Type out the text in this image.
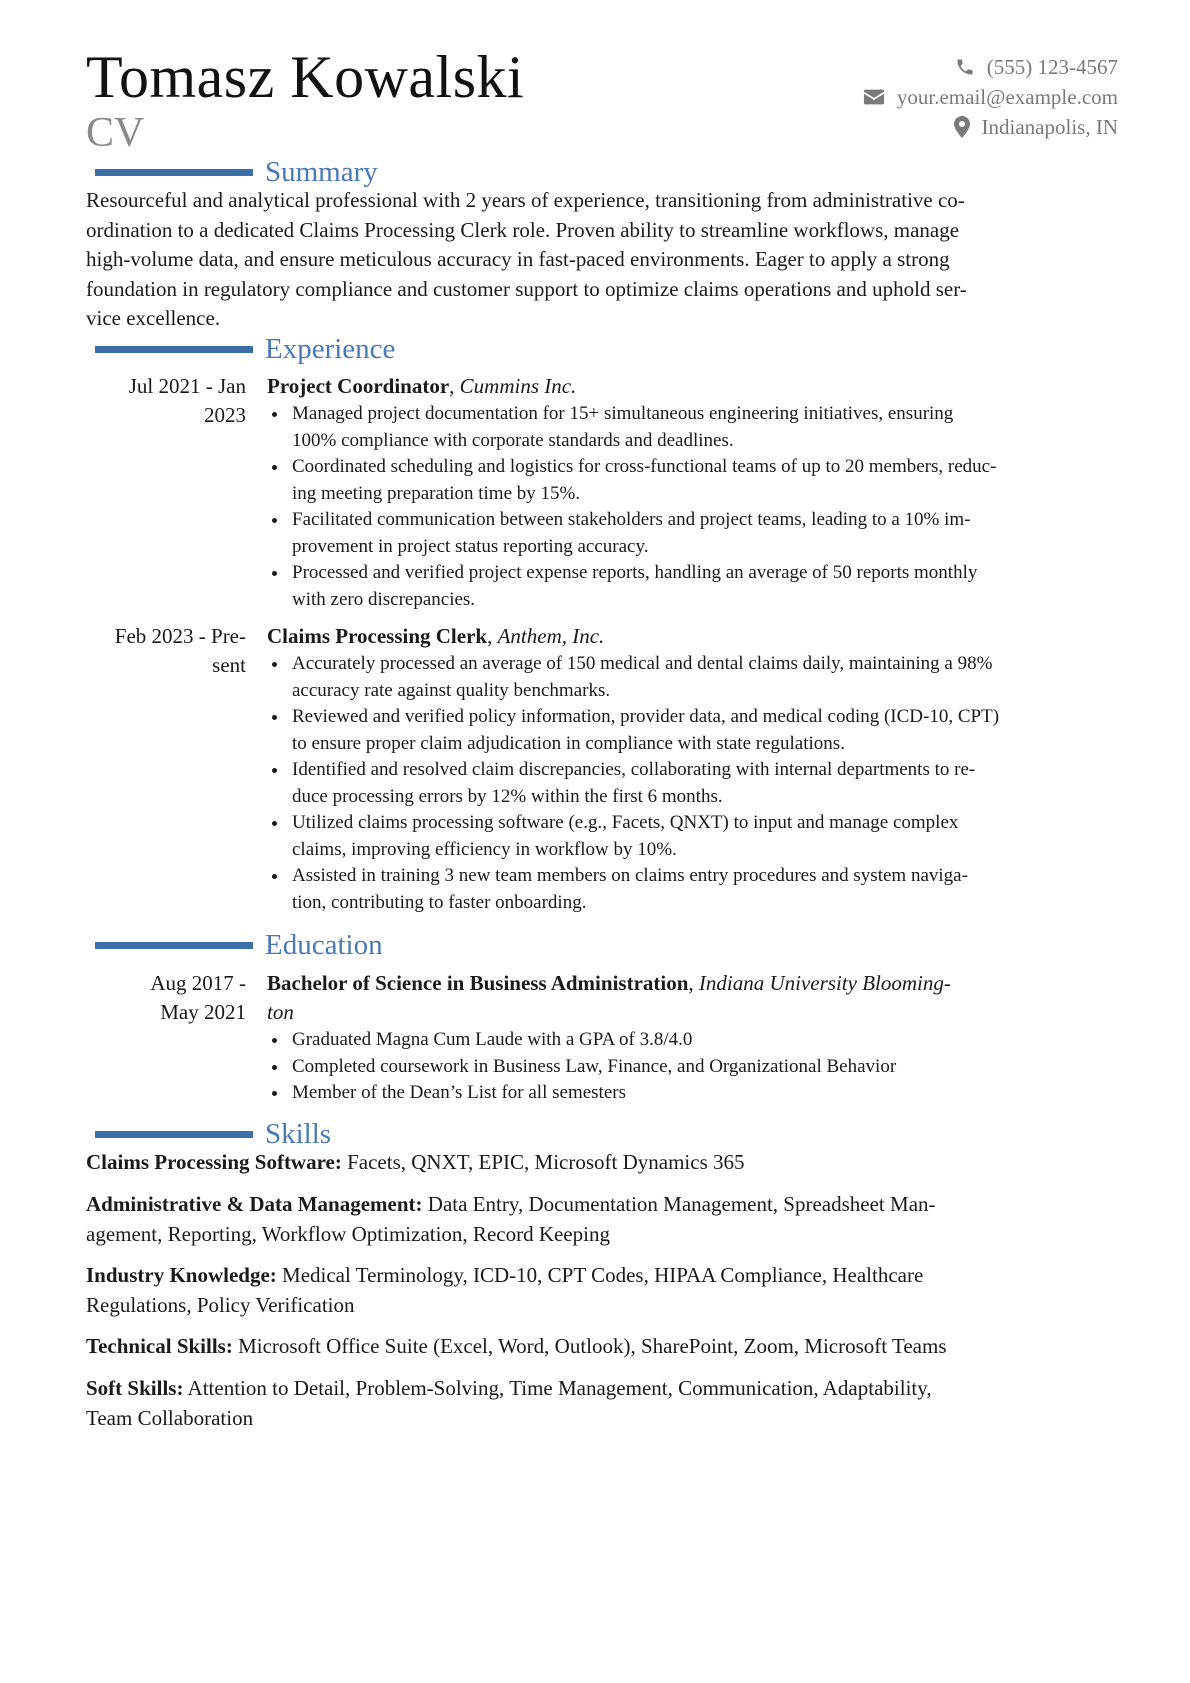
Tomasz Kowalski
CV
(555) 123-4567
your.email@example.com
Indianapolis, IN
Summary
Resourceful and analytical professional with 2 years of experience, transitioning from administrative co-
ordination to a dedicated Claims Processing Clerk role. Proven ability to streamline workflows, manage
high-volume data, and ensure meticulous accuracy in fast-paced environments. Eager to apply a strong
foundation in regulatory compliance and customer support to optimize claims operations and uphold ser-
vice excellence.
Experience
Jul 2021 - Jan
2023
Project Coordinator, Cummins Inc.
Managed project documentation for 15+ simultaneous engineering initiatives, ensuring
100% compliance with corporate standards and deadlines.
Coordinated scheduling and logistics for cross-functional teams of up to 20 members, reduc-
ing meeting preparation time by 15%.
Facilitated communication between stakeholders and project teams, leading to a 10% im-
provement in project status reporting accuracy.
Processed and verified project expense reports, handling an average of 50 reports monthly
with zero discrepancies.
Feb 2023 - Pre-
sent
Claims Processing Clerk, Anthem, Inc.
Accurately processed an average of 150 medical and dental claims daily, maintaining a 98%
accuracy rate against quality benchmarks.
Reviewed and verified policy information, provider data, and medical coding (ICD-10, CPT)
to ensure proper claim adjudication in compliance with state regulations.
Identified and resolved claim discrepancies, collaborating with internal departments to re-
duce processing errors by 12% within the first 6 months.
Utilized claims processing software (e.g., Facets, QNXT) to input and manage complex
claims, improving efficiency in workflow by 10%.
Assisted in training 3 new team members on claims entry procedures and system naviga-
tion, contributing to faster onboarding.
Education
Aug 2017 -
May 2021
Bachelor of Science in Business Administration, Indiana University Blooming-
ton
Graduated Magna Cum Laude with a GPA of 3.8/4.0
Completed coursework in Business Law, Finance, and Organizational Behavior
Member of the Dean’s List for all semesters
Skills
Claims Processing Software: Facets, QNXT, EPIC, Microsoft Dynamics 365
Administrative & Data Management: Data Entry, Documentation Management, Spreadsheet Man-
agement, Reporting, Workflow Optimization, Record Keeping
Industry Knowledge: Medical Terminology, ICD-10, CPT Codes, HIPAA Compliance, Healthcare
Regulations, Policy Verification
Technical Skills: Microsoft Office Suite (Excel, Word, Outlook), SharePoint, Zoom, Microsoft Teams
Soft Skills: Attention to Detail, Problem-Solving, Time Management, Communication, Adaptability,
Team Collaboration
